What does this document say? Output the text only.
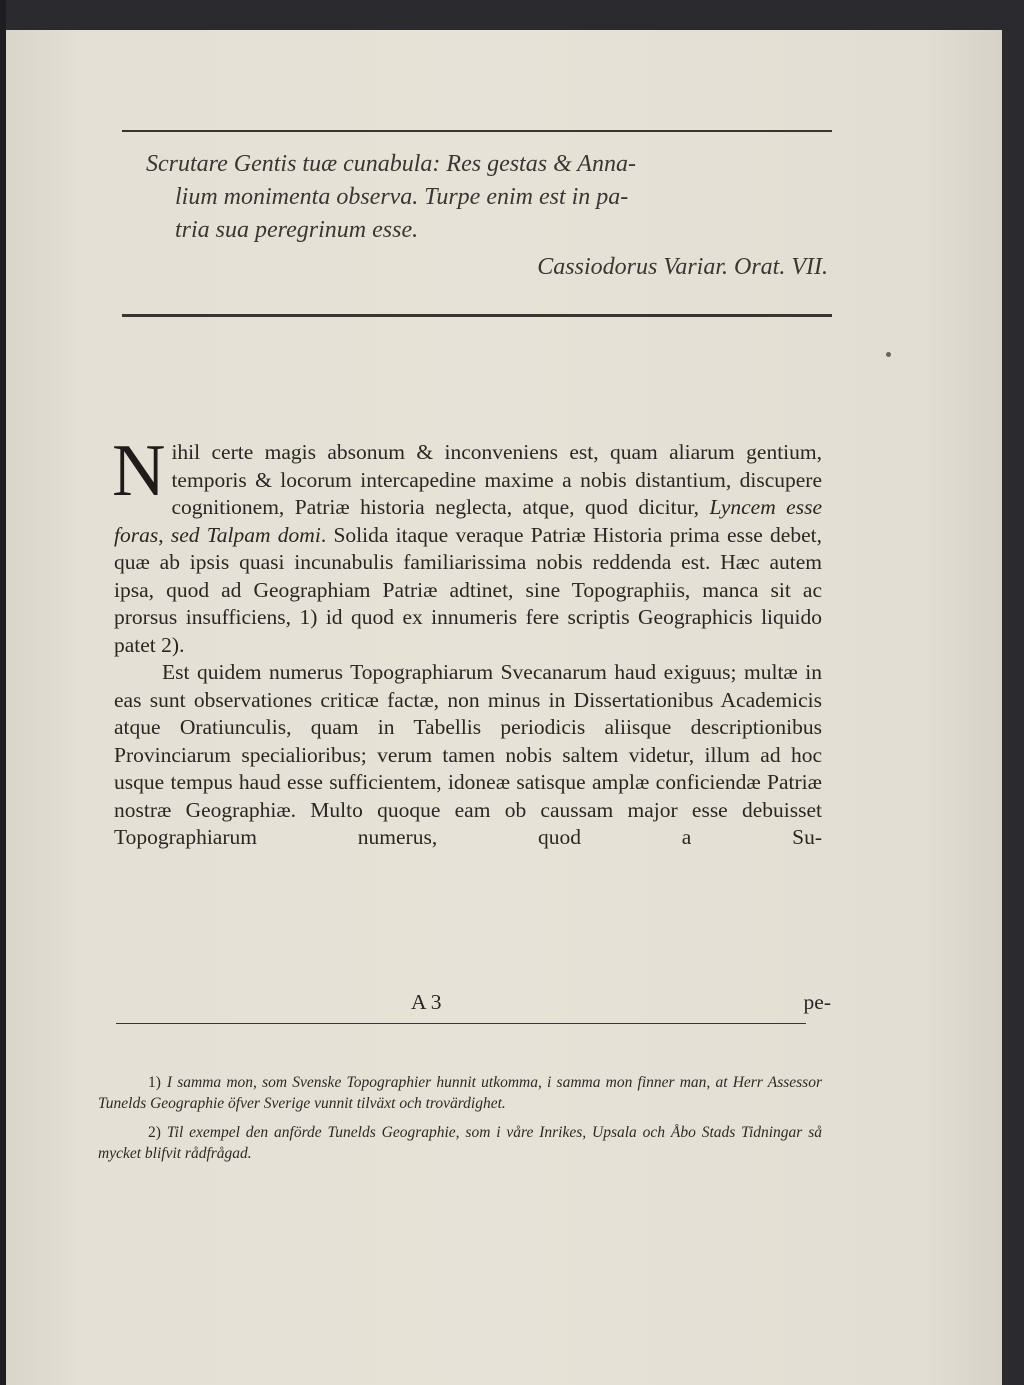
Scrutare Gentis tuæ cunabula: Res gestas & Anna-
lium monimenta observa. Turpe enim est in pa-
tria sua peregrinum esse.
Cassiodorus Variar. Orat. VII.
N ihil certe magis absonum & inconveniens est, quam aliarum gentium, temporis & locorum intercapedine maxime a nobis distantium, discupere cognitionem, Patriæ historia neglecta, atque, quod dicitur, Lyncem esse foras, sed Talpam domi. Solida itaque veraque Patriæ Historia prima esse debet, quæ ab ipsis quasi incunabulis familiarissima nobis reddenda est. Hæc autem ipsa, quod ad Geographiam Patriæ adtinet, sine Topographiis, manca sit ac prorsus insufficiens, 1) id quod ex innumeris fere scriptis Geographicis liquido patet 2).

Est quidem numerus Topographiarum Svecanarum haud exiguus; multæ in eas sunt observationes criticæ factæ, non minus in Dissertationibus Academicis atque Oratiunculis, quam in Tabellis periodicis aliisque descriptionibus Provinciarum specialioribus; verum tamen nobis saltem videtur, illum ad hoc usque tempus haud esse sufficientem, idoneæ satisque amplæ conficiendæ Patriæ nostræ Geographiæ. Multo quoque eam ob caussam major esse debuisset Topographiarum numerus, quod a Su-

A 3	pe-

1) I samma mon, som Svenske Topographier hunnit utkomma, i samma mon finner man, at Herr Assessor Tunelds Geographie öfver Sverige vunnit tilväxt och trovärdighet.

2) Til exempel den anförde Tunelds Geographie, som i våre Inrikes, Upsala och Åbo Stads Tidningar så mycket blifvit rådfrågad.
